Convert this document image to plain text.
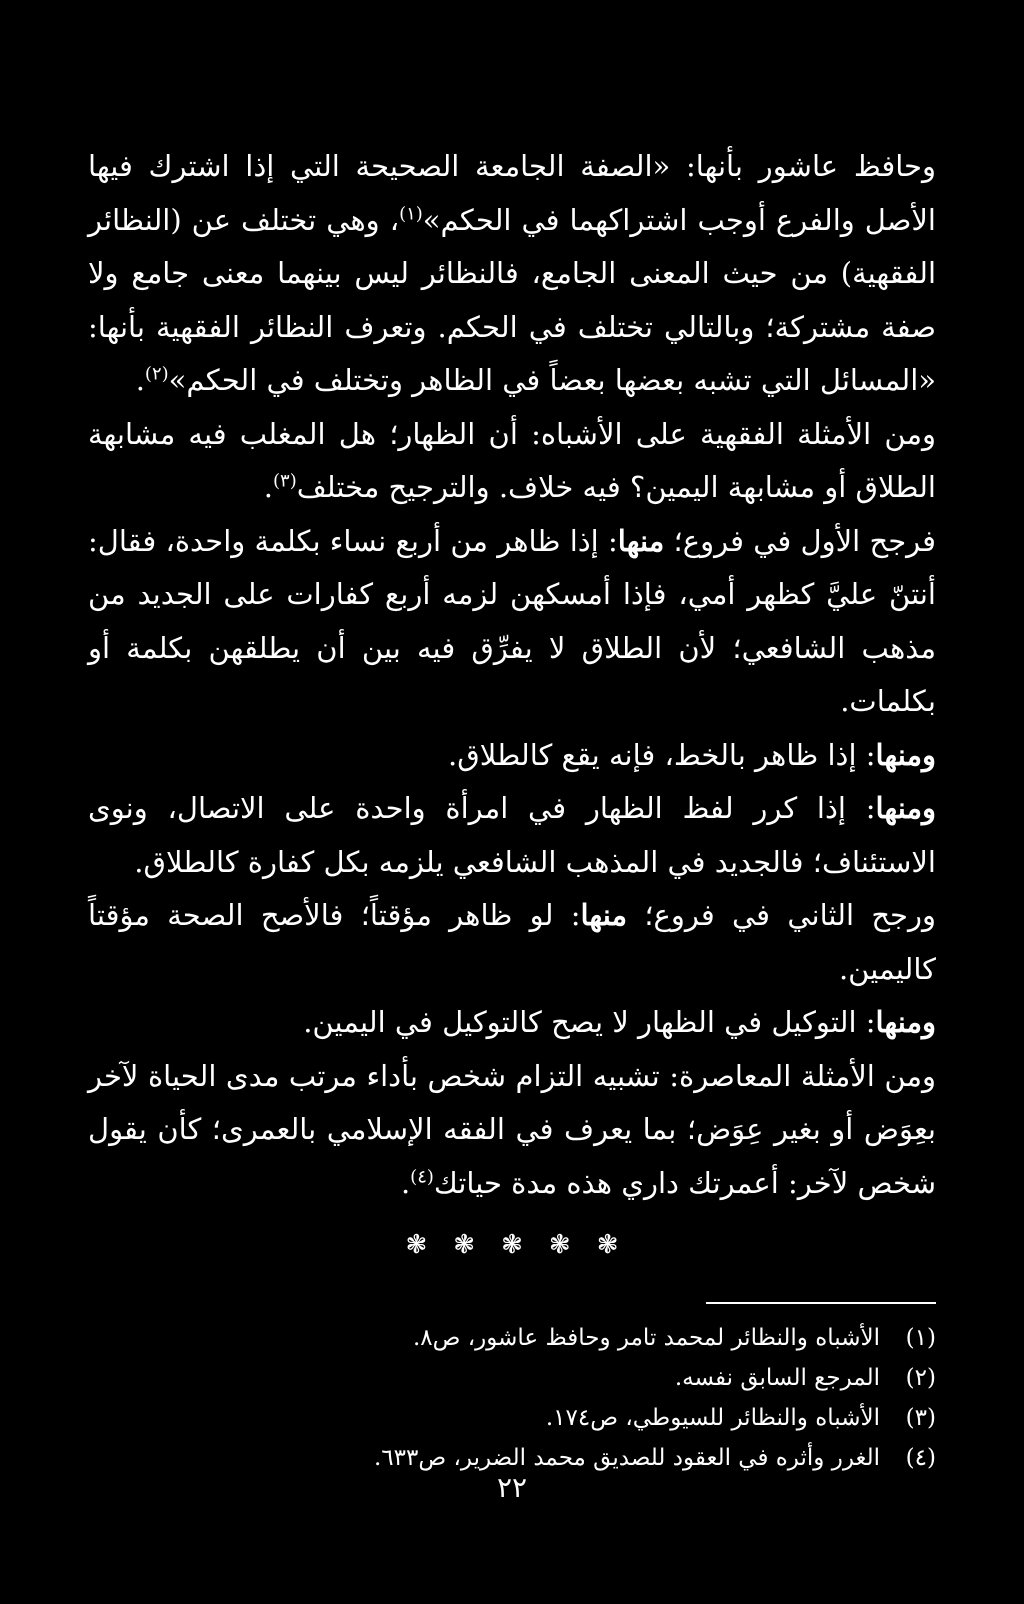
وحافظ عاشور بأنها: «الصفة الجامعة الصحيحة التي إذا اشترك فيها الأصل والفرع أوجب اشتراكهما في الحكم»$^{(١)}$، وهي تختلف عن (النظائر الفقهية) من حيث المعنى الجامع، فالنظائر ليس بينهما معنى جامع ولا صفة مشتركة؛ وبالتالي تختلف في الحكم. وتعرف النظائر الفقهية بأنها: «المسائل التي تشبه بعضها بعضاً في الظاهر وتختلف في الحكم»$^{(٢)}$.

ومن الأمثلة الفقهية على الأشباه: أن الظهار؛ هل المغلب فيه مشابهة الطلاق أو مشابهة اليمين؟ فيه خلاف. والترجيح مختلف$^{(٣)}$.

فرجح الأول في فروع؛ منها: إذا ظاهر من أربع نساء بكلمة واحدة، فقال: أنتنّ عليَّ كظهر أمي، فإذا أمسكهن لزمه أربع كفارات على الجديد من مذهب الشافعي؛ لأن الطلاق لا يفرِّق فيه بين أن يطلقهن بكلمة أو بكلمات.

ومنها: إذا ظاهر بالخط، فإنه يقع كالطلاق.

ومنها: إذا كرر لفظ الظهار في امرأة واحدة على الاتصال، ونوى الاستئناف؛ فالجديد في المذهب الشافعي يلزمه بكل كفارة كالطلاق.

ورجح الثاني في فروع؛ منها: لو ظاهر مؤقتاً؛ فالأصح الصحة مؤقتاً كاليمين.

ومنها: التوكيل في الظهار لا يصح كالتوكيل في اليمين.

ومن الأمثلة المعاصرة: تشبيه التزام شخص بأداء مرتب مدى الحياة لآخر بعِوَض أو بغير عِوَض؛ بما يعرف في الفقه الإسلامي بالعمرى؛ كأن يقول شخص لآخر: أعمرتك داري هذه مدة حياتك$^{(٤)}$.

❃ ❃ ❃ ❃ ❃
(١)
الأشباه والنظائر لمحمد تامر وحافظ عاشور، ص٨.
(٢)
المرجع السابق نفسه.
(٣)
الأشباه والنظائر للسيوطي، ص١٧٤.
(٤)
الغرر وأثره في العقود للصديق محمد الضرير، ص٦٣٣.
٢٢
